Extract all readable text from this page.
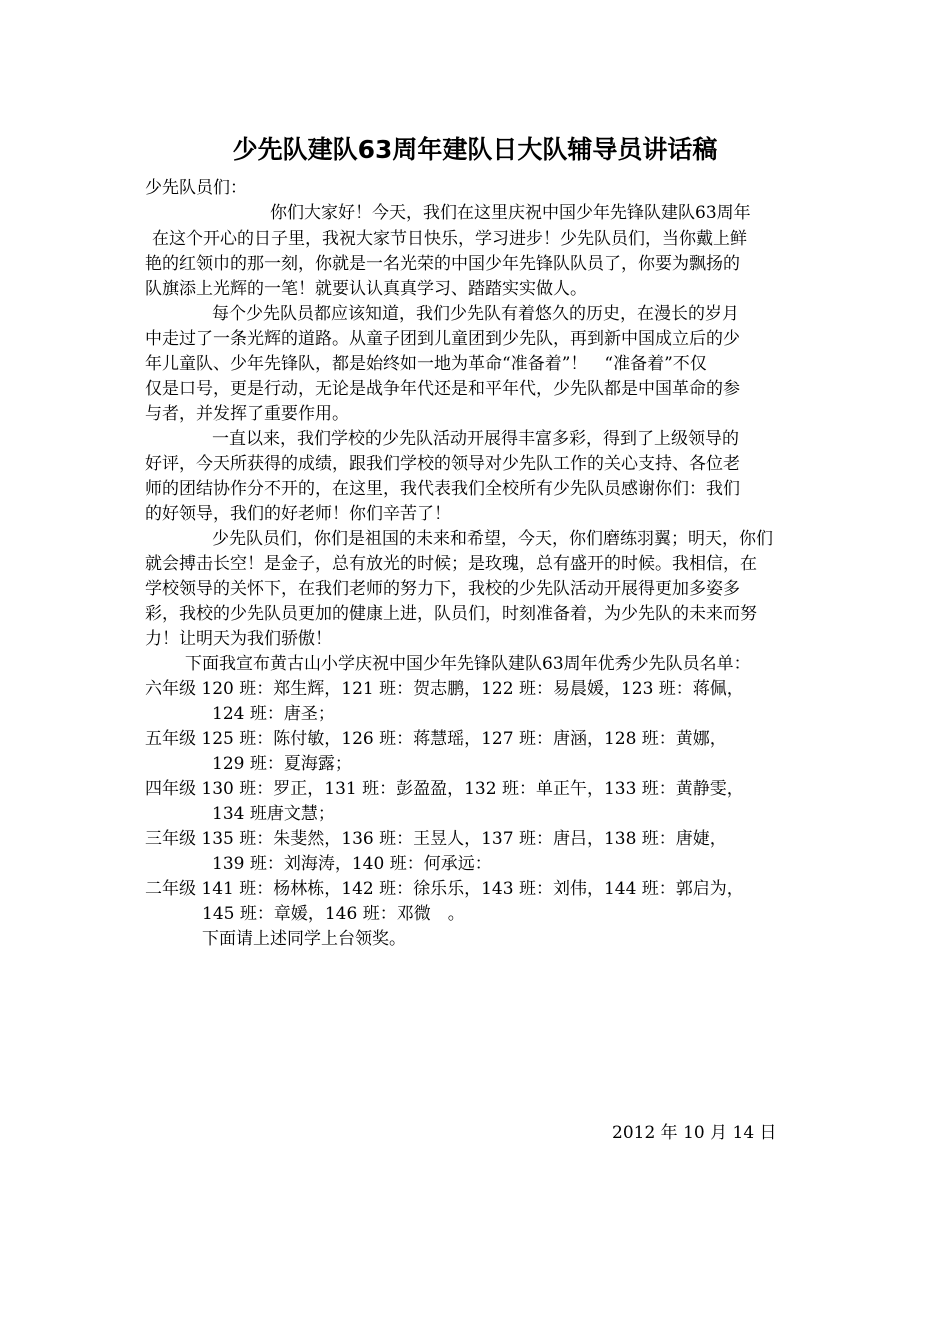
少先队建队63周年建队日大队辅导员讲话稿
少先队员们：
你们大家好！今天，我们在这里庆祝中国少年先锋队建队63周年
在这个开心的日子里，我祝大家节日快乐，学习进步！少先队员们，当你戴上鲜
艳的红领巾的那一刻，你就是一名光荣的中国少年先锋队队员了，你要为飘扬的
队旗添上光辉的一笔！就要认认真真学习、踏踏实实做人。
每个少先队员都应该知道，我们少先队有着悠久的历史，在漫长的岁月
中走过了一条光辉的道路。从童子团到儿童团到少先队，再到新中国成立后的少
年儿童队、少年先锋队，都是始终如一地为革命“准备着”！　“准备着”不仅
仅是口号，更是行动，无论是战争年代还是和平年代，少先队都是中国革命的参
与者，并发挥了重要作用。
一直以来，我们学校的少先队活动开展得丰富多彩，得到了上级领导的
好评，今天所获得的成绩，跟我们学校的领导对少先队工作的关心支持、各位老
师的团结协作分不开的，在这里，我代表我们全校所有少先队员感谢你们：我们
的好领导，我们的好老师！你们辛苦了！
少先队员们，你们是祖国的未来和希望，今天，你们磨练羽翼；明天，你们
就会搏击长空！是金子，总有放光的时候；是玫瑰，总有盛开的时候。我相信，在
学校领导的关怀下，在我们老师的努力下，我校的少先队活动开展得更加多姿多
彩，我校的少先队员更加的健康上进，队员们，时刻准备着，为少先队的未来而努
力！让明天为我们骄傲！
下面我宣布黄古山小学庆祝中国少年先锋队建队63周年优秀少先队员名单：
六年级 120 班：郑生辉，121 班：贺志鹏，122 班：易晨媛，123 班：蒋佩，
124 班：唐圣；
五年级 125 班：陈付敏，126 班：蒋慧瑶，127 班：唐涵，128 班：黄娜，
129 班：夏海露；
四年级 130 班：罗正，131 班：彭盈盈，132 班：单正午，133 班：黄静雯，
134 班唐文慧；
三年级 135 班：朱斐然，136 班：王昱人，137 班：唐吕，138 班：唐婕，
139 班：刘海涛，140 班：何承远：
二年级 141 班：杨林栋，142 班：徐乐乐，143 班：刘伟，144 班：郭启为，
145 班：章媛，146 班：邓微　。
下面请上述同学上台领奖。
2012 年 10 月 14 日
